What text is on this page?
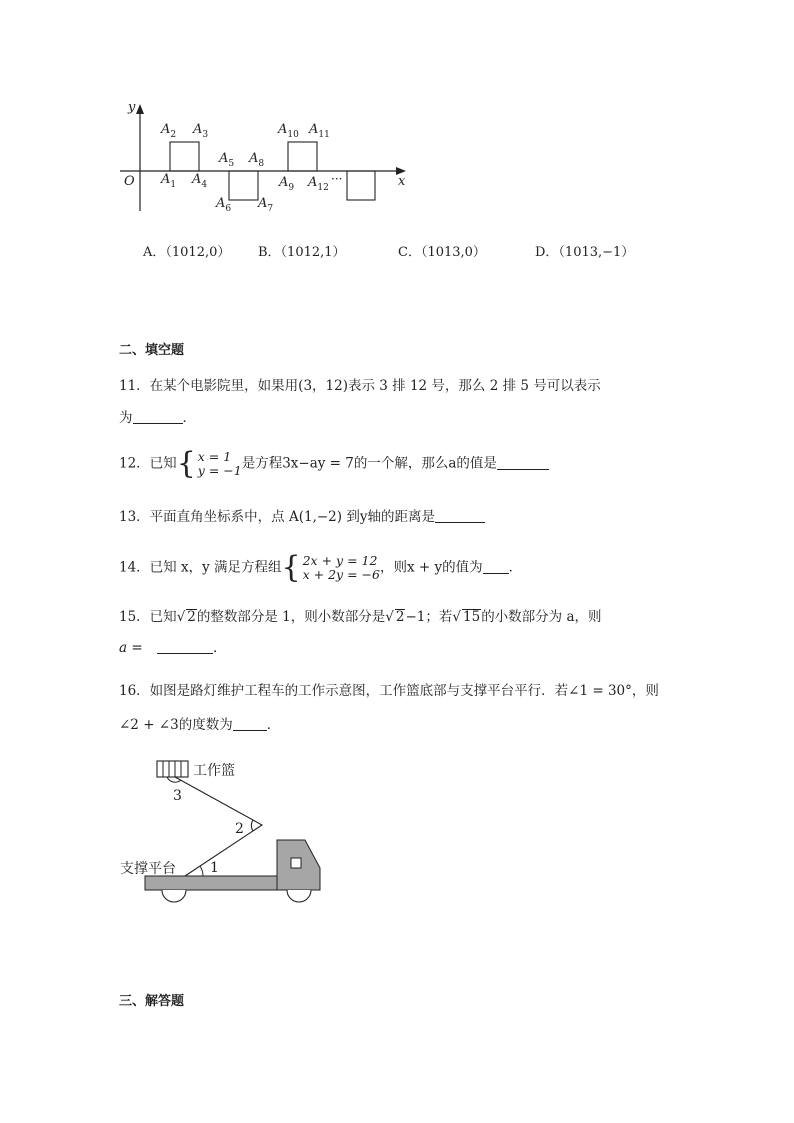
y
x
O
$A_2$ $A_3$
$A_1$ $A_4$
$A_5$ $A_8$
$A_6$ $A_7$
$A_{10}$ $A_{11}$
$A_9$ $A_{12}$
···
A．（1012,0） B．（1012,1）	C．（1013,0）	D．（1013,−1）
二、填空题
11．在某个电影院里，如果用(3，12)表示 3 排 12 号，那么 2 排 5 号可以表示
为	．
12．已知{ x = 1
y = −1是方程3x−ay = 7的一个解，那么a的值是
13．平面直角坐标系中，点 A(1,−2) 到y轴的距离是
14．已知 x，y 满足方程组{ 2x + y = 12
x + 2y = −6，则x + y的值为 ．
15．已知√ 2的整数部分是 1，则小数部分是√ 2−1；若√ 15的小数部分为 a，则
a =	．
16．如图是路灯维护工程车的工作示意图，工作篮底部与支撑平台平行．若∠1 = 30°，则
∠2 + ∠3的度数为	．
工作篮
支撑平台
3
2
1
三、解答题
